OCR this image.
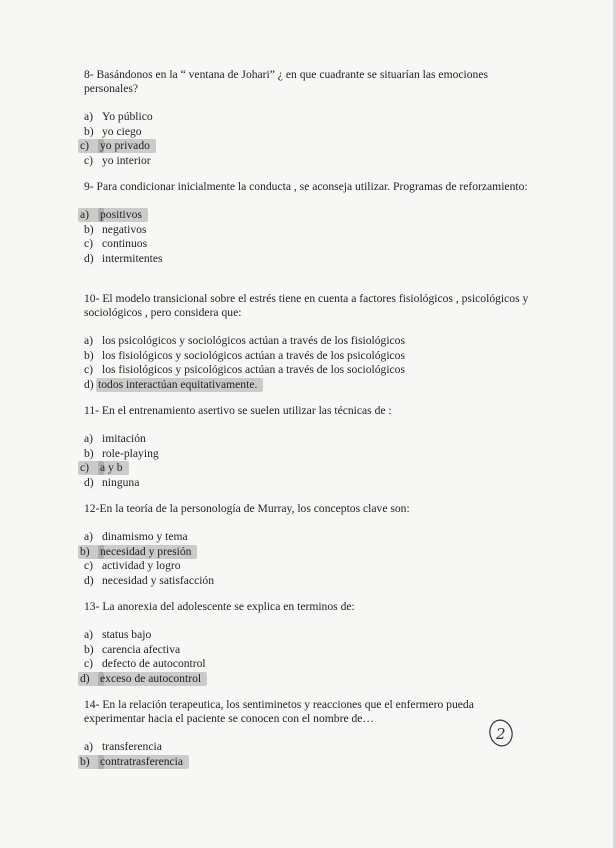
8- Basándonos en la “ ventana de Johari” ¿ en que cuadrante se situarían las emociones personales?

a) Yo público
b) yo ciego
c) yo privado
c) yo interior

9- Para condicionar inicialmente la conducta , se aconseja utilizar. Programas de reforzamiento:

a) positivos
b) negativos
c) continuos
d) intermitentes

10- El modelo transicional sobre el estrés tiene en cuenta a factores fisiológicos , psicológicos y sociológicos , pero considera que:

a) los psicológicos y sociológicos actúan a través de los fisiológicos
b) los fisiológicos y sociológicos actúan a través de los psicológicos
c) los fisiológicos y psicológicos actúan a través de los sociológicos
d) todos interactúan equitativamente.

11- En el entrenamiento asertivo se suelen utilizar las técnicas de :

a) imitación
b) role-playing
c) a y b
d) ninguna

12-En la teoría de la personología de Murray, los conceptos clave son:

a) dinamismo y tema
b) necesidad y presión
c) actividad y logro
d) necesidad y satisfacción

13- La anorexia del adolescente se explica en terminos de:

a) status bajo
b) carencia afectiva
c) defecto de autocontrol
d) exceso de autocontrol

14- En la relación terapeutica, los sentiminetos y reacciones que el enfermero pueda experimentar hacia el paciente se conocen con el nombre de…

a) transferencia
b) contratrasferencia
2
